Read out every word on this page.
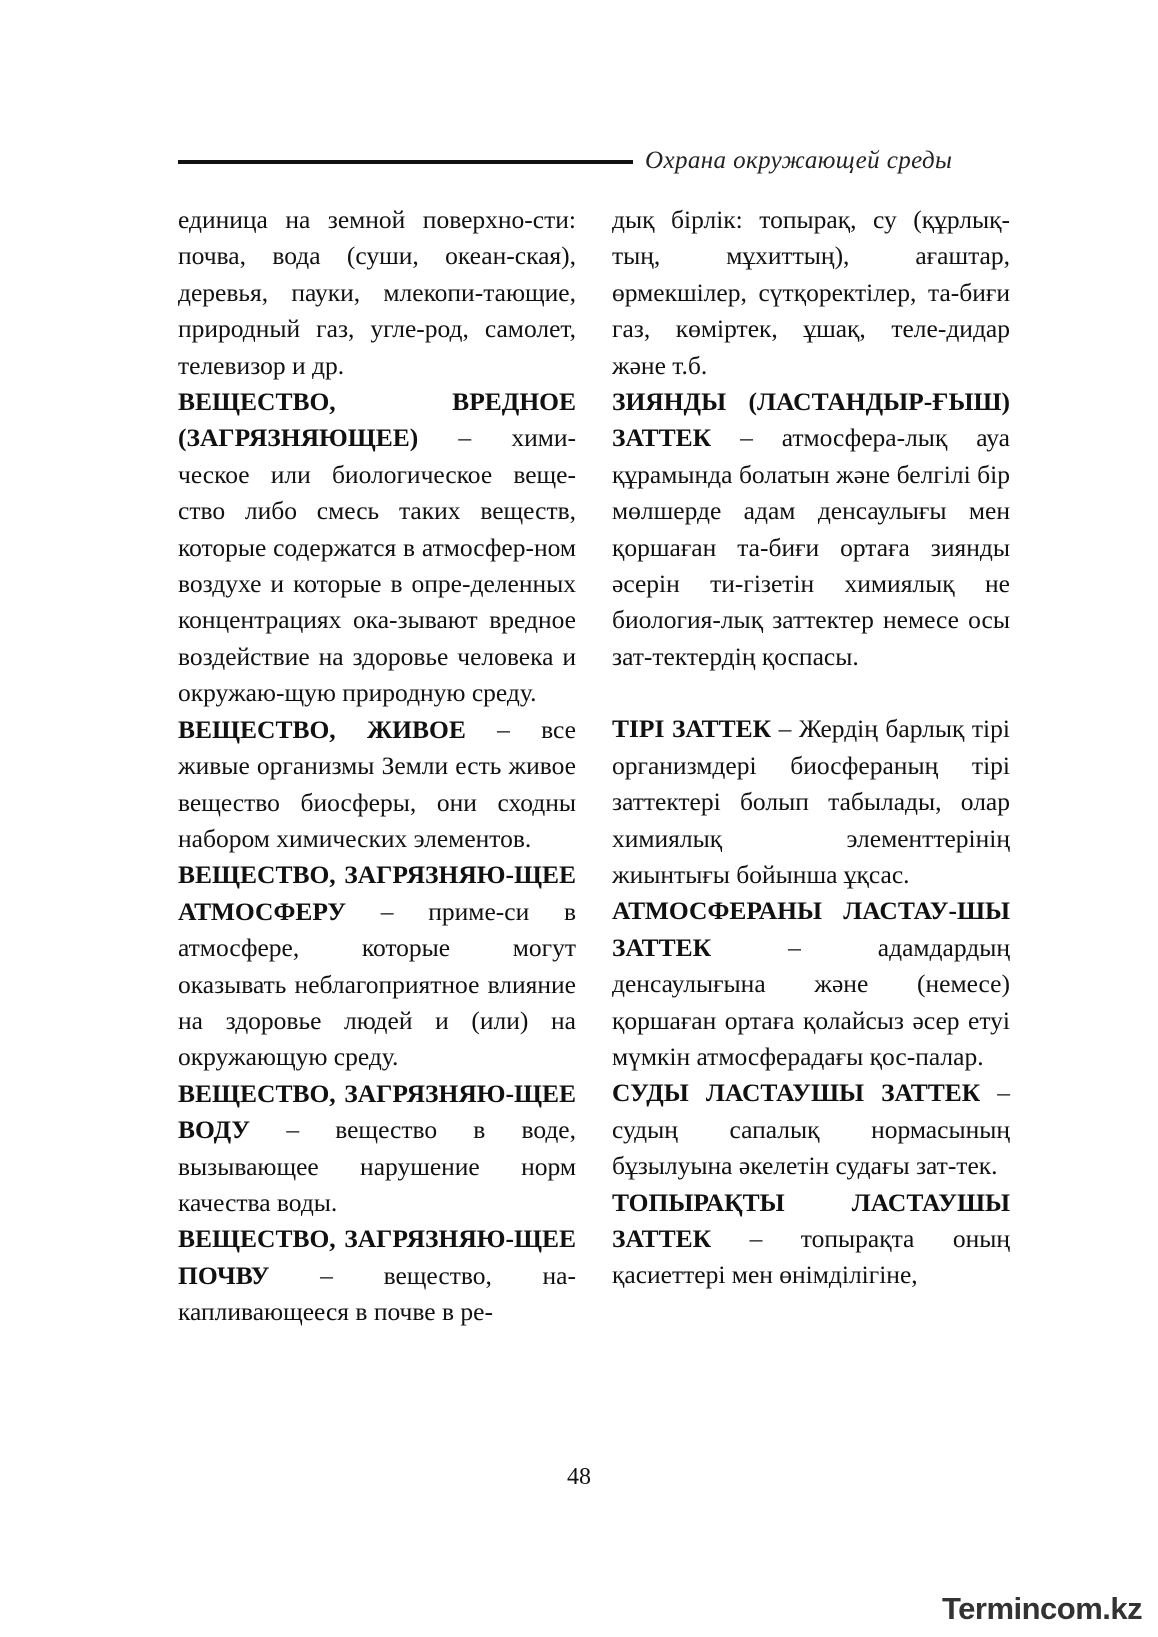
Охрана окружающей среды

единица на земной поверхно-сти: почва, вода (суши, океан-ская), деревья, пауки, млекопи-тающие, природный газ, угле-род, самолет, телевизор и др.

ВЕЩЕСТВО, ВРЕДНОЕ (ЗАГРЯЗНЯЮЩЕЕ) – хими-ческое или биологическое веще-ство либо смесь таких веществ, которые содержатся в атмосфер-ном воздухе и которые в опре-деленных концентрациях ока-зывают вредное воздействие на здоровье человека и окружаю-щую природную среду.

ВЕЩЕСТВО, ЖИВОЕ – все живые организмы Земли есть живое вещество биосферы, они сходны набором химических элементов.

ВЕЩЕСТВО, ЗАГРЯЗНЯЮ-ЩЕЕ АТМОСФЕРУ – приме-си в атмосфере, которые могут оказывать неблагоприятное влияние на здоровье людей и (или) на окружающую среду.

ВЕЩЕСТВО, ЗАГРЯЗНЯЮ-ЩЕЕ ВОДУ – вещество в воде, вызывающее нарушение норм качества воды.

ВЕЩЕСТВО, ЗАГРЯЗНЯЮ-ЩЕЕ ПОЧВУ – вещество, на-капливающееся в почве в ре-

дық бірлік: топырақ, су (құрлық-тың, мұхиттың), ағаштар, өрмекшілер, сүтқоректілер, та-биғи газ, көміртек, ұшақ, теле-дидар және т.б.

ЗИЯНДЫ (ЛАСТАНДЫР-ҒЫШ) ЗАТТЕК – атмосфера-лық ауа құрамында болатын және белгілі бір мөлшерде адам денсаулығы мен қоршаған та-биғи ортаға зиянды әсерін ти-гізетін химиялық не биология-лық заттектер немесе осы зат-тектердің қоспасы.

ТІРІ ЗАТТЕК – Жердің барлық тірі организмдері биосфераның тірі заттектері болып табылады, олар химиялық элементтерінің жиынтығы бойынша ұқсас.

АТМОСФЕРАНЫ ЛАСТАУ-ШЫ ЗАТТЕК – адамдардың денсаулығына және (немесе) қоршаған ортаға қолайсыз әсер етуі мүмкін атмосферадағы қос-палар.

СУДЫ ЛАСТАУШЫ ЗАТТЕК – судың сапалық нормасының бұзылуына әкелетін судағы зат-тек.

ТОПЫРАҚТЫ ЛАСТАУШЫ ЗАТТЕК – топырақта оның қасиеттері мен өнімділігіне,

48
Termincom.kz
